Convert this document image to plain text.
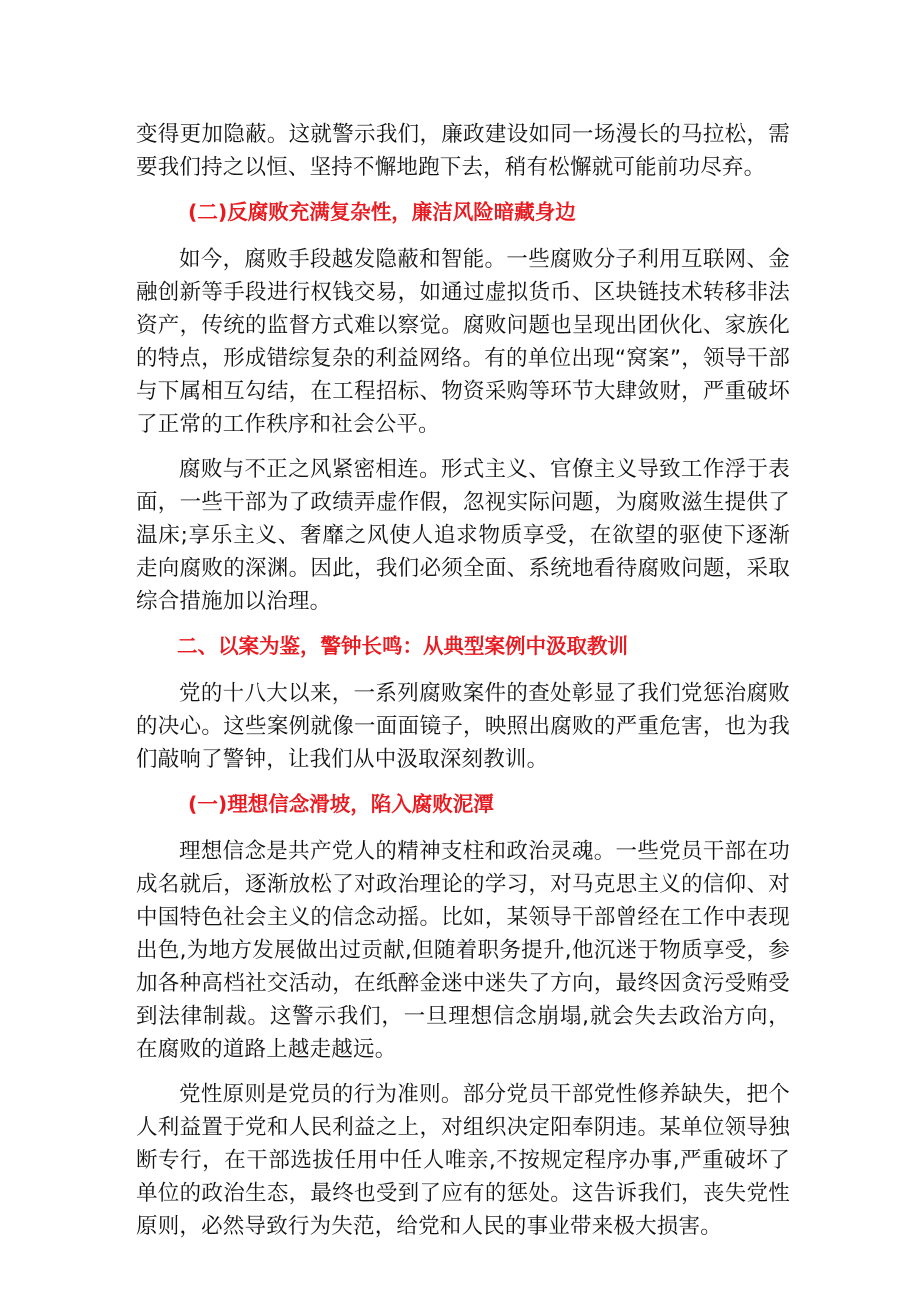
变得更加隐蔽。这就警示我们，廉政建设如同一场漫长的马拉松，需要我们持之以恒、坚持不懈地跑下去，稍有松懈就可能前功尽弃。

(二)反腐败充满复杂性，廉洁风险暗藏身边

如今，腐败手段越发隐蔽和智能。一些腐败分子利用互联网、金融创新等手段进行权钱交易，如通过虚拟货币、区块链技术转移非法资产，传统的监督方式难以察觉。腐败问题也呈现出团伙化、家族化的特点，形成错综复杂的利益网络。有的单位出现“窝案”，领导干部与下属相互勾结，在工程招标、物资采购等环节大肆敛财，严重破坏了正常的工作秩序和社会公平。

腐败与不正之风紧密相连。形式主义、官僚主义导致工作浮于表面，一些干部为了政绩弄虚作假，忽视实际问题，为腐败滋生提供了温床;享乐主义、奢靡之风使人追求物质享受，在欲望的驱使下逐渐走向腐败的深渊。因此，我们必须全面、系统地看待腐败问题，采取综合措施加以治理。

二、以案为鉴，警钟长鸣：从典型案例中汲取教训

党的十八大以来，一系列腐败案件的查处彰显了我们党惩治腐败的决心。这些案例就像一面面镜子，映照出腐败的严重危害，也为我们敲响了警钟，让我们从中汲取深刻教训。

(一)理想信念滑坡，陷入腐败泥潭

理想信念是共产党人的精神支柱和政治灵魂。一些党员干部在功成名就后，逐渐放松了对政治理论的学习，对马克思主义的信仰、对中国特色社会主义的信念动摇。比如，某领导干部曾经在工作中表现出色,为地方发展做出过贡献,但随着职务提升,他沉迷于物质享受，参加各种高档社交活动，在纸醉金迷中迷失了方向，最终因贪污受贿受到法律制裁。这警示我们，一旦理想信念崩塌,就会失去政治方向，在腐败的道路上越走越远。

党性原则是党员的行为准则。部分党员干部党性修养缺失，把个人利益置于党和人民利益之上，对组织决定阳奉阴违。某单位领导独断专行，在干部选拔任用中任人唯亲,不按规定程序办事,严重破坏了单位的政治生态，最终也受到了应有的惩处。这告诉我们，丧失党性原则，必然导致行为失范，给党和人民的事业带来极大损害。
